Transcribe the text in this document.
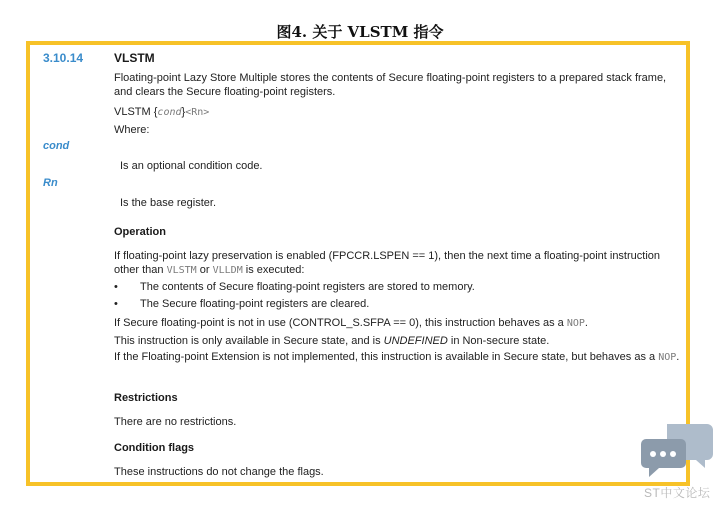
图4. 关于 VLSTM 指令
3.10.14	VLSTM
Floating-point Lazy Store Multiple stores the contents of Secure floating-point registers to a prepared stack frame, and clears the Secure floating-point registers.
VLSTM {cond}<Rn>
Where:
cond
Is an optional condition code.
Rn
Is the base register.
Operation
If floating-point lazy preservation is enabled (FPCCR.LSPEN == 1), then the next time a floating-point instruction other than VLSTM or VLLDM is executed:
• The contents of Secure floating-point registers are stored to memory.
• The Secure floating-point registers are cleared.
If Secure floating-point is not in use (CONTROL_S.SFPA == 0), this instruction behaves as a NOP.
This instruction is only available in Secure state, and is UNDEFINED in Non-secure state.
If the Floating-point Extension is not implemented, this instruction is available in Secure state, but behaves as a NOP.
Restrictions
There are no restrictions.
Condition flags
These instructions do not change the flags.
ST中文论坛
